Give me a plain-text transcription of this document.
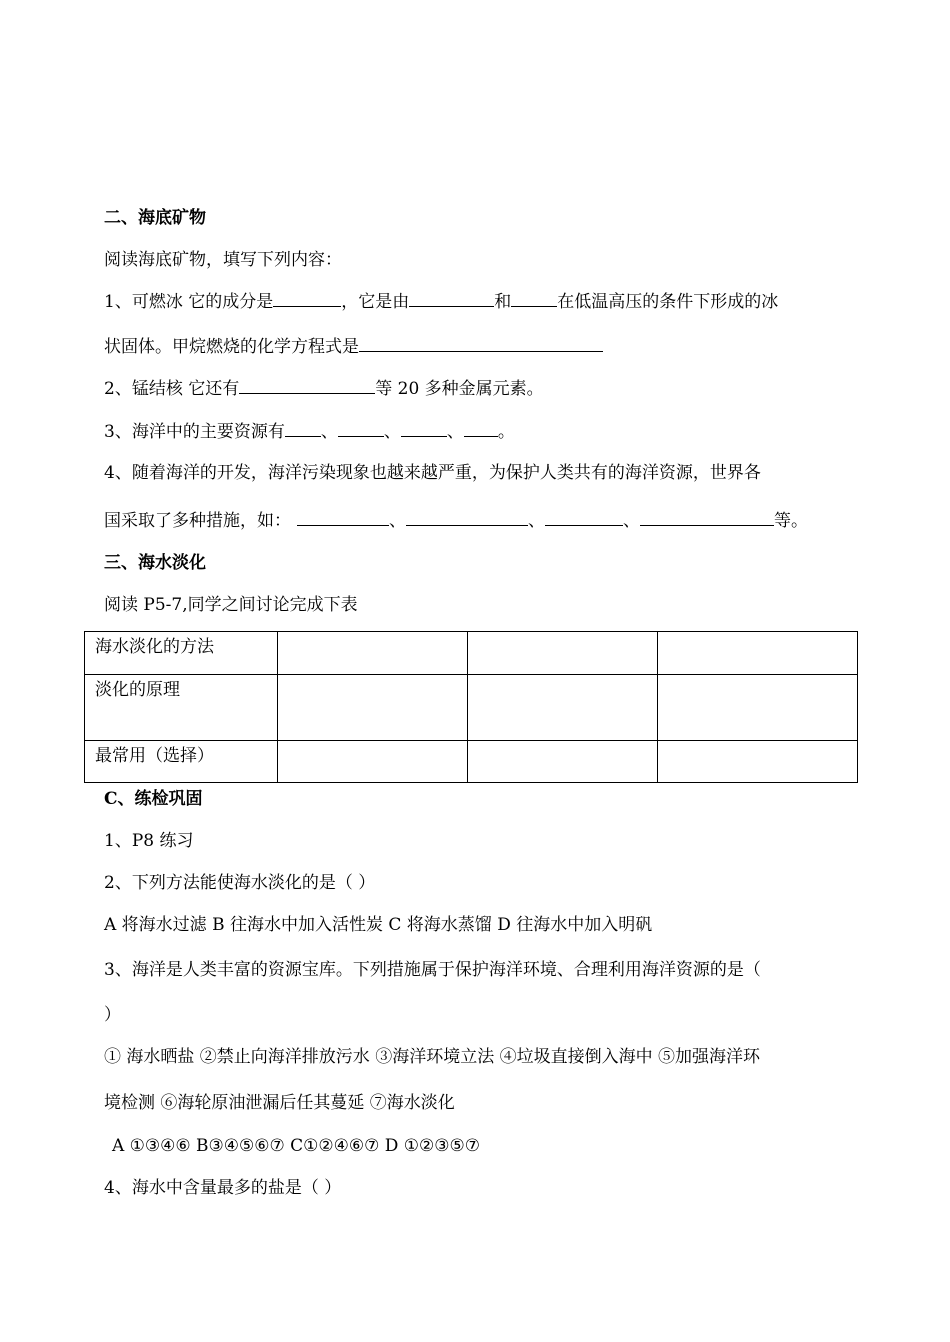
二、海底矿物
阅读海底矿物，填写下列内容：
1、可燃冰 它的成分是	，它是由	和	在低温高压的条件下形成的冰
状固体。甲烷燃烧的化学方程式是
2、锰结核 它还有	等 20 多种金属元素。
3、海洋中的主要资源有 、	、	、 。
4、随着海洋的开发，海洋污染现象也越来越严重，为保护人类共有的海洋资源，世界各
国采取了多种措施，如：	、	、	、	等。
三、海水淡化
阅读 P5-7,同学之间讨论完成下表
海水淡化的方法			
淡化的原理			
最常用（选择）			
C、练检巩固
1、P8 练习
2、下列方法能使海水淡化的是（ ）
A 将海水过滤 B 往海水中加入活性炭 C 将海水蒸馏 D 往海水中加入明矾
3、海洋是人类丰富的资源宝库。下列措施属于保护海洋环境、合理利用海洋资源的是（
）
① 海水晒盐 ②禁止向海洋排放污水 ③海洋环境立法 ④垃圾直接倒入海中 ⑤加强海洋环
境检测 ⑥海轮原油泄漏后任其蔓延 ⑦海水淡化
A ①③④⑥ B③④⑤⑥⑦ C①②④⑥⑦ D ①②③⑤⑦
4、海水中含量最多的盐是（ ）
